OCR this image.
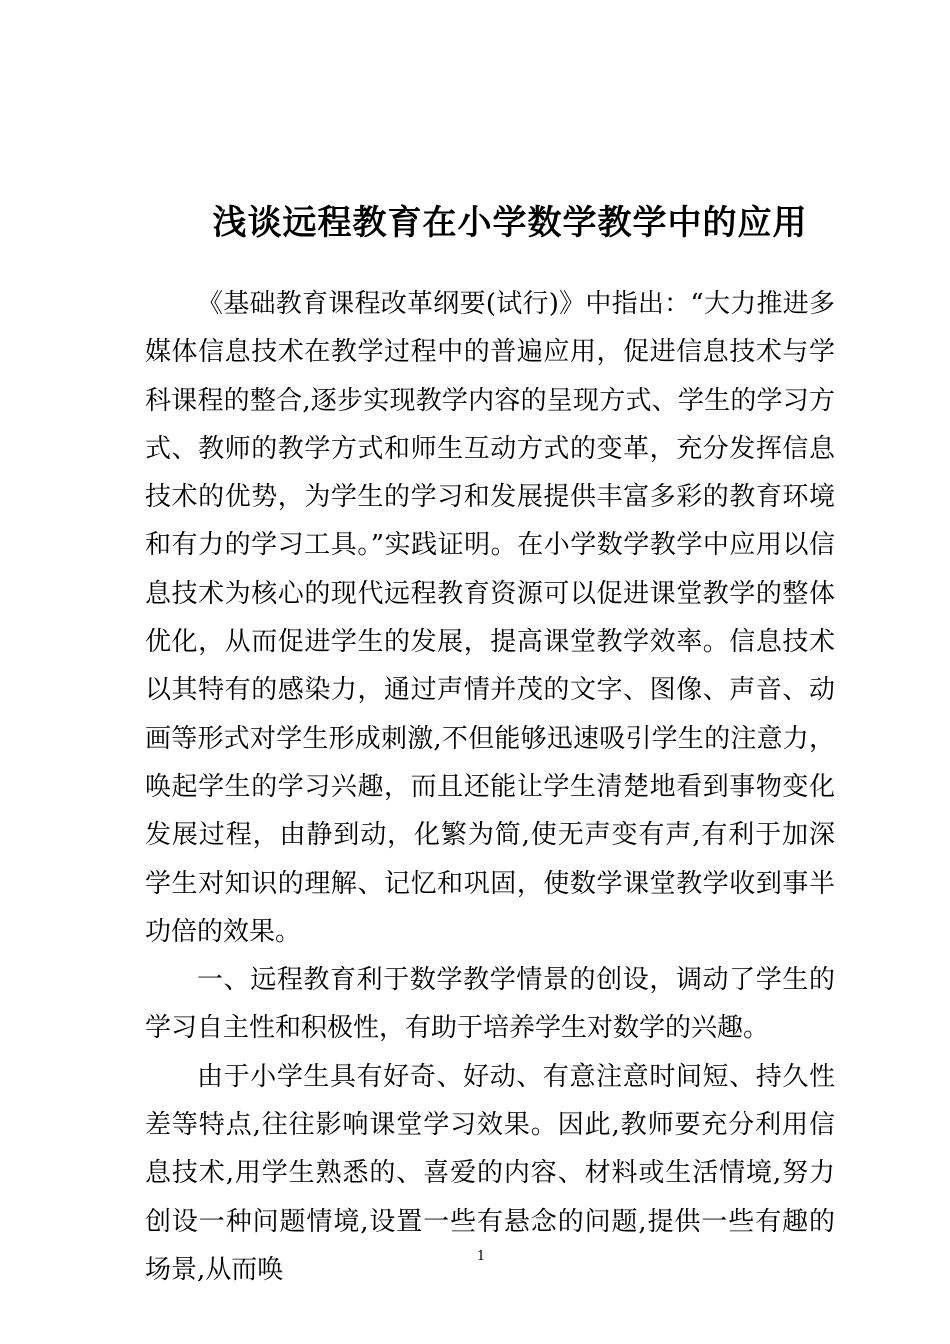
浅谈远程教育在小学数学教学中的应用

《基础教育课程改革纲要(试行)》中指出：“大力推进多媒体信息技术在教学过程中的普遍应用，促进信息技术与学科课程的整合,逐步实现教学内容的呈现方式、学生的学习方式、教师的教学方式和师生互动方式的变革，充分发挥信息技术的优势，为学生的学习和发展提供丰富多彩的教育环境和有力的学习工具。”实践证明。在小学数学教学中应用以信息技术为核心的现代远程教育资源可以促进课堂教学的整体优化，从而促进学生的发展，提高课堂教学效率。信息技术以其特有的感染力，通过声情并茂的文字、图像、声音、动画等形式对学生形成刺激,不但能够迅速吸引学生的注意力，唤起学生的学习兴趣，而且还能让学生清楚地看到事物变化发展过程，由静到动，化繁为简,使无声变有声,有利于加深学生对知识的理解、记忆和巩固，使数学课堂教学收到事半功倍的效果。

一、远程教育利于数学教学情景的创设，调动了学生的学习自主性和积极性，有助于培养学生对数学的兴趣。

由于小学生具有好奇、好动、有意注意时间短、持久性差等特点,往往影响课堂学习效果。因此,教师要充分利用信息技术,用学生熟悉的、喜爱的内容、材料或生活情境,努力创设一种问题情境,设置一些有悬念的问题,提供一些有趣的场景,从而唤	1
